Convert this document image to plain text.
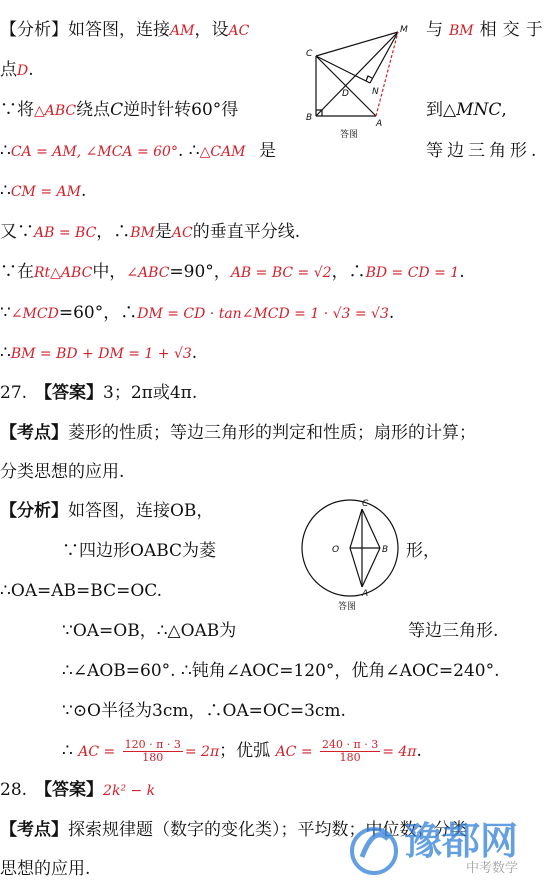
【分析】如答图，连接AM，设AC	与 BM 相交于
点D.
∵将△ABC绕点C逆时针转60°得	到△MNC,
∴CA = AM, ∠MCA = 60°. ∴△CAM 是	等边三角形.
∴CM = AM.
又∵AB = BC，∴BM是AC的垂直平分线.
∵在Rt△ABC中，∠ABC=90°，AB = BC = √2，∴BD = CD = 1.
∵∠MCD=60°，∴DM = CD · tan∠MCD = 1 · √3 = √3.
∴BM = BD + DM = 1 + √3.
M
C
D	N
B
A
答图
27. 【答案】3；2π或4π.
【考点】菱形的性质；等边三角形的判定和性质；扇形的计算；
分类思想的应用.
【分析】如答图，连接OB，
∵四边形OABC为菱	形，
∴OA=AB=BC=OC.
∵OA=OB，∴△OAB为	等边三角形.
∴∠AOB=60°. ∴钝角∠AOC=120°，优角∠AOC=240°.
∵⊙O半径为3cm，∴OA=OC=3cm.
∴ AC = $\frac{120 \cdot \pi \cdot 3}{180} = 2\pi$；优弧 AC = $\frac{240 \cdot \pi \cdot 3}{180} = 4\pi$.
O
C
B
A
答图
28. 【答案】2k² − k
【考点】探索规律题（数字的变化类）；平均数；中位数；分类
思想的应用.
豫都网
中考数学
